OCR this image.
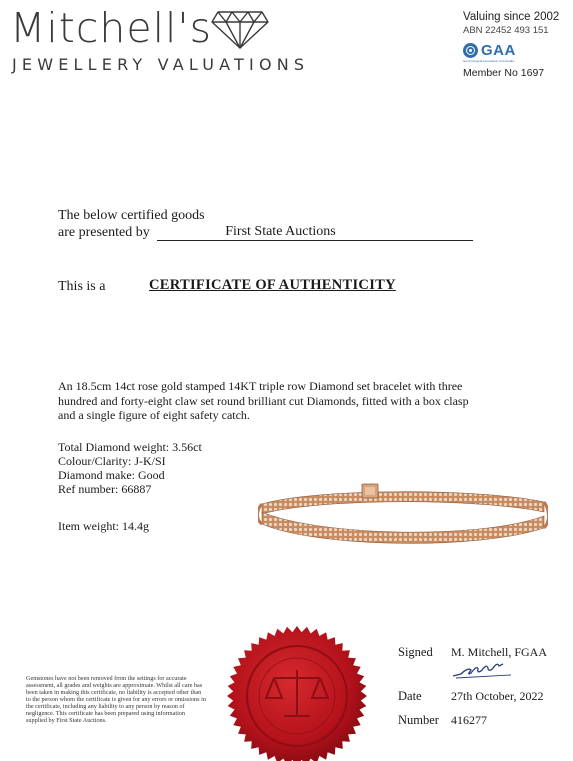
Mitchell's
JEWELLERY VALUATIONS
Valuing since 2002
ABN 22452 493 151
GAA
Gemmological Association of Australia
Member No 1697
The below certified goods
are presented by	First State Auctions
This is a	CERTIFICATE OF AUTHENTICITY
An 18.5cm 14ct rose gold stamped 14KT triple row Diamond set bracelet with three hundred and forty-eight claw set round brilliant cut Diamonds, fitted with a box clasp and a single figure of eight safety catch.
Total Diamond weight: 3.56ct
Colour/Clarity: J-K/SI
Diamond make: Good
Ref number: 66887
Item weight: 14.4g
Gemstones have not been removed from the settings for accurate assessment, all grades and weights are approximate. Whilst all care has been taken in making this certificate, no liability is accepted other than to the person whom the certificate is given for any errors or omissions in the certificate, including any liability to any person by reason of negligence. This certificate has been prepared using information supplied by First State Auctions.
Signed M. Mitchell, FGAA
Date 27th October, 2022
Number 416277
